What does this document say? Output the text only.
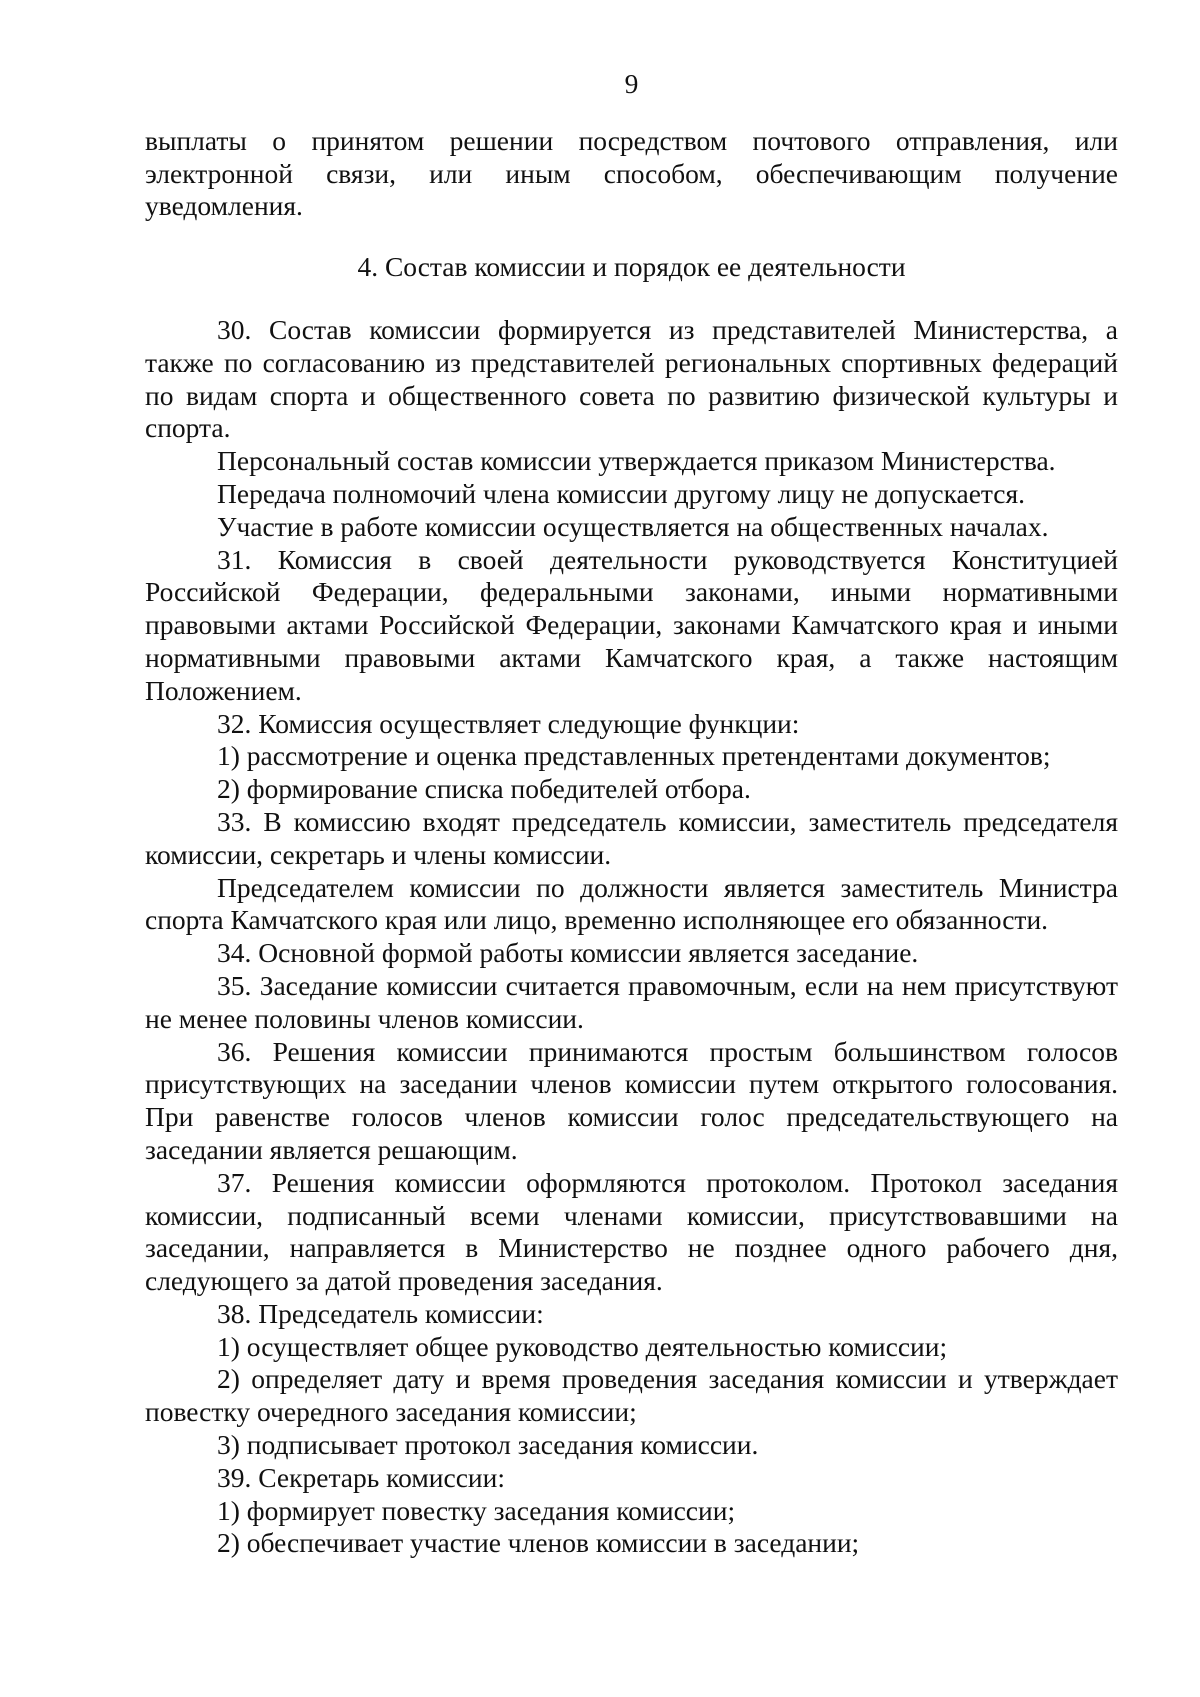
9

выплаты о принятом решении посредством почтового отправления, или электронной связи, или иным способом, обеспечивающим получение уведомления.

4. Состав комиссии и порядок ее деятельности

30. Состав комиссии формируется из представителей Министерства, а также по согласованию из представителей региональных спортивных федераций по видам спорта и общественного совета по развитию физической культуры и спорта.

Персональный состав комиссии утверждается приказом Министерства.

Передача полномочий члена комиссии другому лицу не допускается.

Участие в работе комиссии осуществляется на общественных началах.

31. Комиссия в своей деятельности руководствуется Конституцией Российской Федерации, федеральными законами, иными нормативными правовыми актами Российской Федерации, законами Камчатского края и иными нормативными правовыми актами Камчатского края, а также настоящим Положением.

32. Комиссия осуществляет следующие функции:

1) рассмотрение и оценка представленных претендентами документов;

2) формирование списка победителей отбора.

33. В комиссию входят председатель комиссии, заместитель председателя комиссии, секретарь и члены комиссии.

Председателем комиссии по должности является заместитель Министра спорта Камчатского края или лицо, временно исполняющее его обязанности.

34. Основной формой работы комиссии является заседание.

35. Заседание комиссии считается правомочным, если на нем присутствуют не менее половины членов комиссии.

36. Решения комиссии принимаются простым большинством голосов присутствующих на заседании членов комиссии путем открытого голосования. При равенстве голосов членов комиссии голос председательствующего на заседании является решающим.

37. Решения комиссии оформляются протоколом. Протокол заседания комиссии, подписанный всеми членами комиссии, присутствовавшими на заседании, направляется в Министерство не позднее одного рабочего дня, следующего за датой проведения заседания.

38. Председатель комиссии:

1) осуществляет общее руководство деятельностью комиссии;

2) определяет дату и время проведения заседания комиссии и утверждает повестку очередного заседания комиссии;

3) подписывает протокол заседания комиссии.

39. Секретарь комиссии:

1) формирует повестку заседания комиссии;

2) обеспечивает участие членов комиссии в заседании;
